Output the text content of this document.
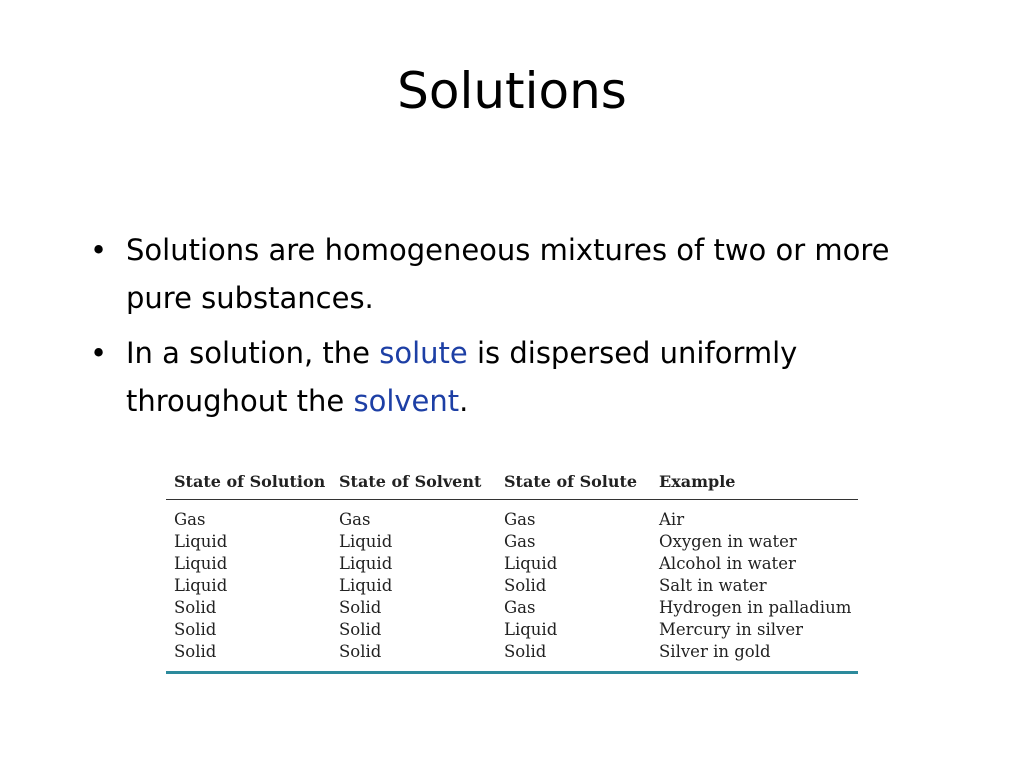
Solutions
• Solutions are homogeneous mixtures of two or more pure substances.
• In a solution, the solute is dispersed uniformly throughout the solvent.
State of Solution	State of Solvent	State of Solute	Example
Gas	Gas	Gas	Air
Liquid	Liquid	Gas	Oxygen in water
Liquid	Liquid	Liquid	Alcohol in water
Liquid	Liquid	Solid	Salt in water
Solid	Solid	Gas	Hydrogen in palladium
Solid	Solid	Liquid	Mercury in silver
Solid	Solid	Solid	Silver in gold
